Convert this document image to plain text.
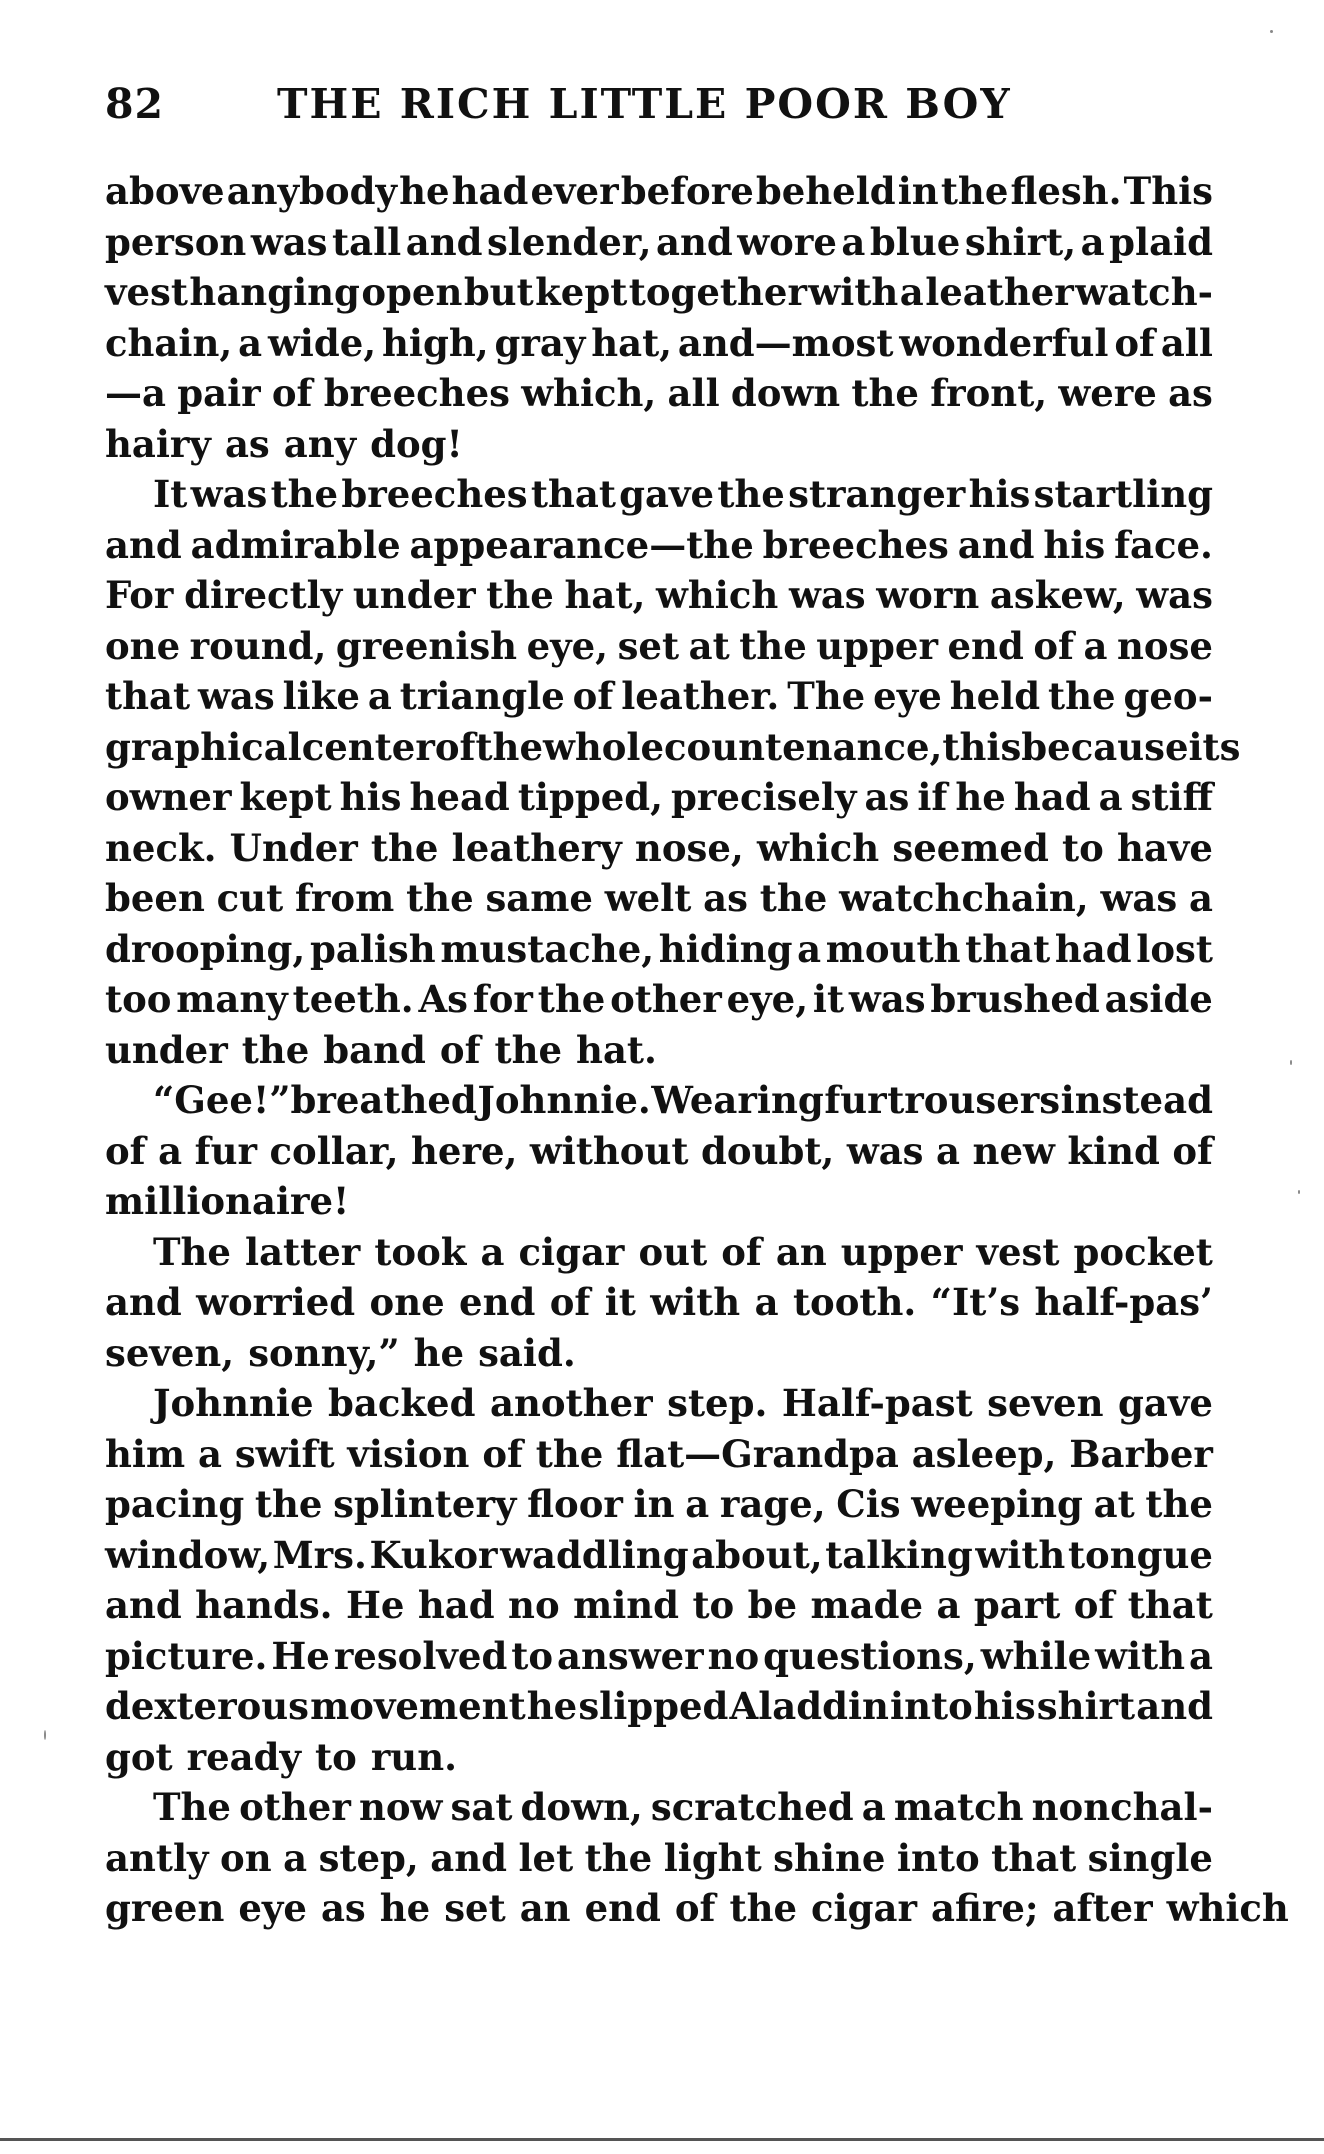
82	THE RICH LITTLE POOR BOY
above anybody he had ever before beheld in the flesh. This
person was tall and slender, and wore a blue shirt, a plaid
vest hanging open but kept together with a leather watch-
chain, a wide, high, gray hat, and—most wonderful of all
—a pair of breeches which, all down the front, were as
hairy as any dog!
It was the breeches that gave the stranger his startling
and admirable appearance—the breeches and his face.
For directly under the hat, which was worn askew, was
one round, greenish eye, set at the upper end of a nose
that was like a triangle of leather. The eye held the geo-
graphical center of the whole countenance, this because its
owner kept his head tipped, precisely as if he had a stiff
neck. Under the leathery nose, which seemed to have
been cut from the same welt as the watchchain, was a
drooping, palish mustache, hiding a mouth that had lost
too many teeth. As for the other eye, it was brushed aside
under the band of the hat.
“Gee!”breathed Johnnie. Wearing fur trousers instead
of a fur collar, here, without doubt, was a new kind of
millionaire!
The latter took a cigar out of an upper vest pocket
and worried one end of it with a tooth. “It’s half-pas’
seven, sonny,” he said.
Johnnie backed another step. Half-past seven gave
him a swift vision of the flat—Grandpa asleep, Barber
pacing the splintery floor in a rage, Cis weeping at the
window, Mrs. Kukor waddling about, talking with tongue
and hands. He had no mind to be made a part of that
picture. He resolved to answer no questions, while with a
dexterous movement he slipped Aladdin into his shirt and
got ready to run.
The other now sat down, scratched a match nonchal-
antly on a step, and let the light shine into that single
green eye as he set an end of the cigar afire; after which
